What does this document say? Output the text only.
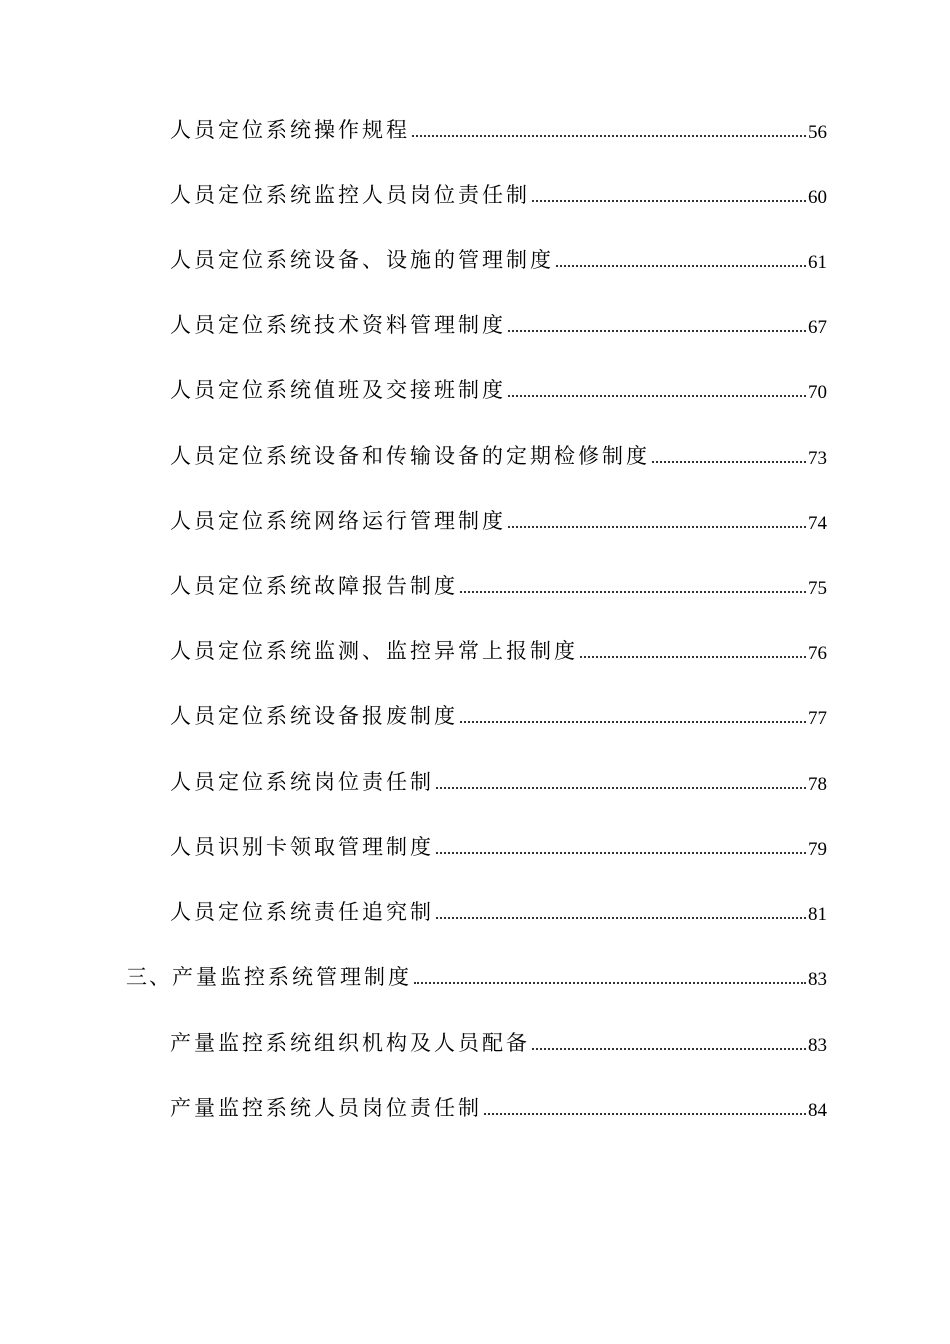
人员定位系统操作规程	56
人员定位系统监控人员岗位责任制	60
人员定位系统设备、设施的管理制度	61
人员定位系统技术资料管理制度	67
人员定位系统值班及交接班制度	70
人员定位系统设备和传输设备的定期检修制度	73
人员定位系统网络运行管理制度	74
人员定位系统故障报告制度	75
人员定位系统监测、监控异常上报制度	76
人员定位系统设备报废制度	77
人员定位系统岗位责任制	78
人员识别卡领取管理制度	79
人员定位系统责任追究制	81
三、 产量监控系统管理制度	83
产量监控系统组织机构及人员配备	83
产量监控系统人员岗位责任制	84
